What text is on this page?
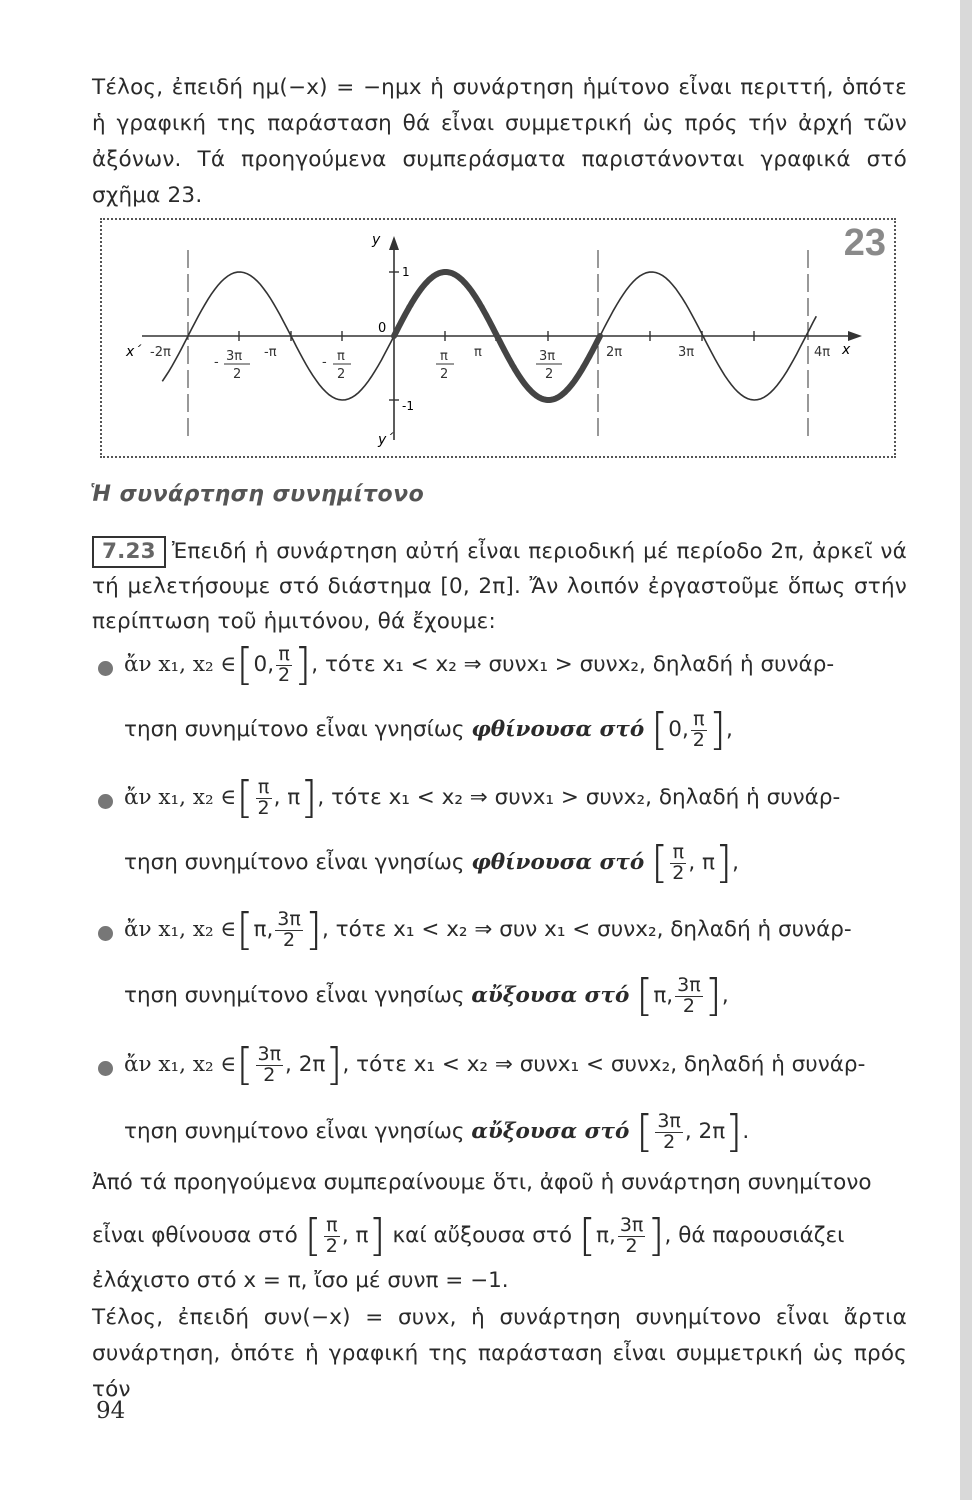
Τέλος, ἐπειδή ημ(−x) = −ημx ἡ συνάρτηση ἡμίτονο εἶναι περιττή, ὁπότε ἡ γραφική της παράσταση θά εἶναι συμμετρική ὡς πρός τήν ἀρχή τῶν ἀξόνων. Τά προηγούμενα συμπεράσματα παριστάνονται γραφικά στό σχῆμα 23.

23
y
1
-1
y΄
0
x΄	x
-2π
- 3π
2
-π
- π
2
π
2
π	3π
2
2π	3π	4π
Ἡ συνάρτηση συνημίτονο

7.23 Ἐπειδή ἡ συνάρτηση αὐτή εἶναι περιοδική μέ περίοδο 2π, ἀρκεῖ νά τή μελετήσουμε στό διάστημα [0, 2π]. Ἄν λοιπόν ἐργαστοῦμε ὅπως στήν περίπτωση τοῦ ἡμιτόνου, θά ἔχουμε:

ἄν x₁, x₂ ∈[0, $\frac{\pi}{2}$ ], τότε x₁ < x₂ ⇒ συνx₁ > συνx₂, δηλαδή ἡ συνάρ-
τηση συνημίτονο εἶναι γνησίως φθίνουσα στό [0, $\frac{\pi}{2}$ ],
ἄν x₁, x₂ ∈[ $\frac{\pi}{2}$ , π], τότε x₁ < x₂ ⇒ συνx₁ > συνx₂, δηλαδή ἡ συνάρ-
τηση συνημίτονο εἶναι γνησίως φθίνουσα στό [ $\frac{\pi}{2}$ , π],
ἄν x₁, x₂ ∈[π, $\frac{3\pi}{2}$ ], τότε x₁ < x₂ ⇒ συν x₁ < συνx₂, δηλαδή ἡ συνάρ-
τηση συνημίτονο εἶναι γνησίως αὔξουσα στό [π, $\frac{3\pi}{2}$ ],
ἄν x₁, x₂ ∈[ $\frac{3\pi}{2}$ , 2π], τότε x₁ < x₂ ⇒ συνx₁ < συνx₂, δηλαδή ἡ συνάρ-
τηση συνημίτονο εἶναι γνησίως αὔξουσα στό [ $\frac{3\pi}{2}$ , 2π].
Ἀπό τά προηγούμενα συμπεραίνουμε ὅτι, ἀφοῦ ἡ συνάρτηση συνημίτονο
εἶναι φθίνουσα στό [ $\frac{\pi}{2}$ , π] καί αὔξουσα στό [π, $\frac{3\pi}{2}$ ], θά παρουσιάζει
ἐλάχιστο στό x = π, ἴσο μέ συνπ = −1.

Τέλος, ἐπειδή συν(−x) = συνx, ἡ συνάρτηση συνημίτονο εἶναι ἄρτια συνάρτηση, ὁπότε ἡ γραφική της παράσταση εἶναι συμμετρική ὡς πρός τόν

94
